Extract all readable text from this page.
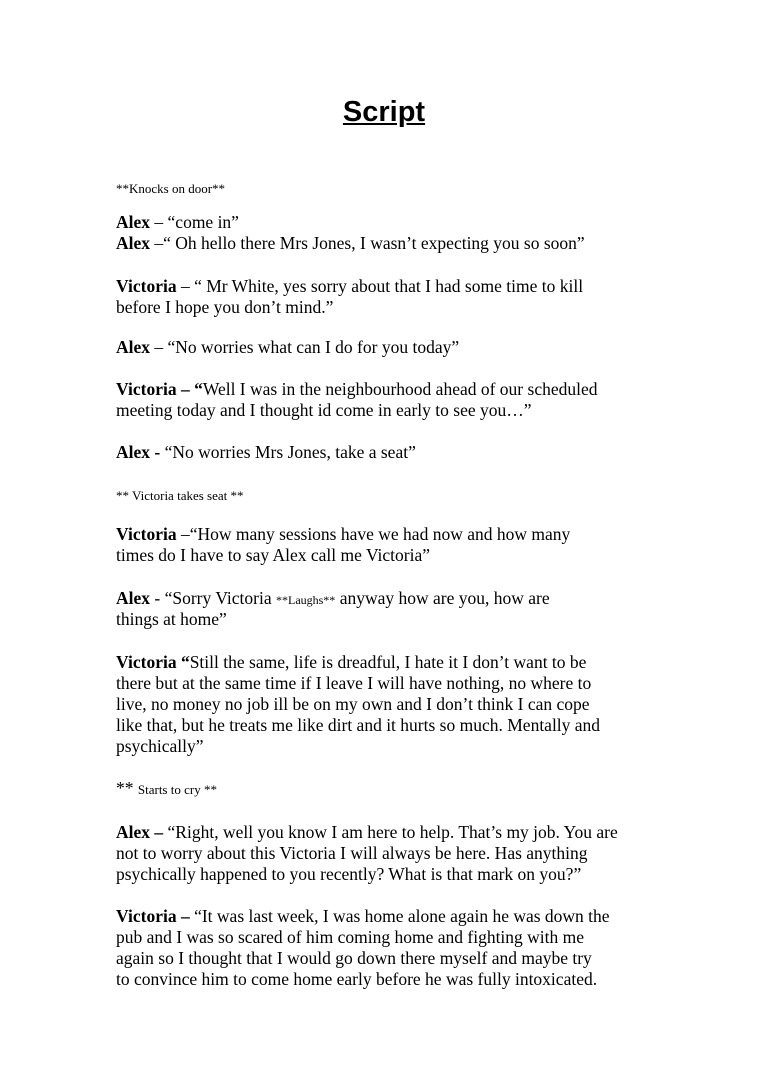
Script
**Knocks on door**
Alex – “come in”
Alex –“ Oh hello there Mrs Jones, I wasn’t expecting you so soon”
Victoria – “ Mr White, yes sorry about that I had some time to kill
before I hope you don’t mind.”
Alex – “No worries what can I do for you today”
Victoria – “Well I was in the neighbourhood ahead of our scheduled
meeting today and I thought id come in early to see you…”
Alex - “No worries Mrs Jones, take a seat”
** Victoria takes seat **
Victoria –“How many sessions have we had now and how many
times do I have to say Alex call me Victoria”
Alex - “Sorry Victoria **Laughs** anyway how are you, how are
things at home”
Victoria “Still the same, life is dreadful, I hate it I don’t want to be
there but at the same time if I leave I will have nothing, no where to
live, no money no job ill be on my own and I don’t think I can cope
like that, but he treats me like dirt and it hurts so much. Mentally and
psychically”
** Starts to cry **
Alex – “Right, well you know I am here to help. That’s my job. You are
not to worry about this Victoria I will always be here. Has anything
psychically happened to you recently? What is that mark on you?”
Victoria – “It was last week, I was home alone again he was down the
pub and I was so scared of him coming home and fighting with me
again so I thought that I would go down there myself and maybe try
to convince him to come home early before he was fully intoxicated.
